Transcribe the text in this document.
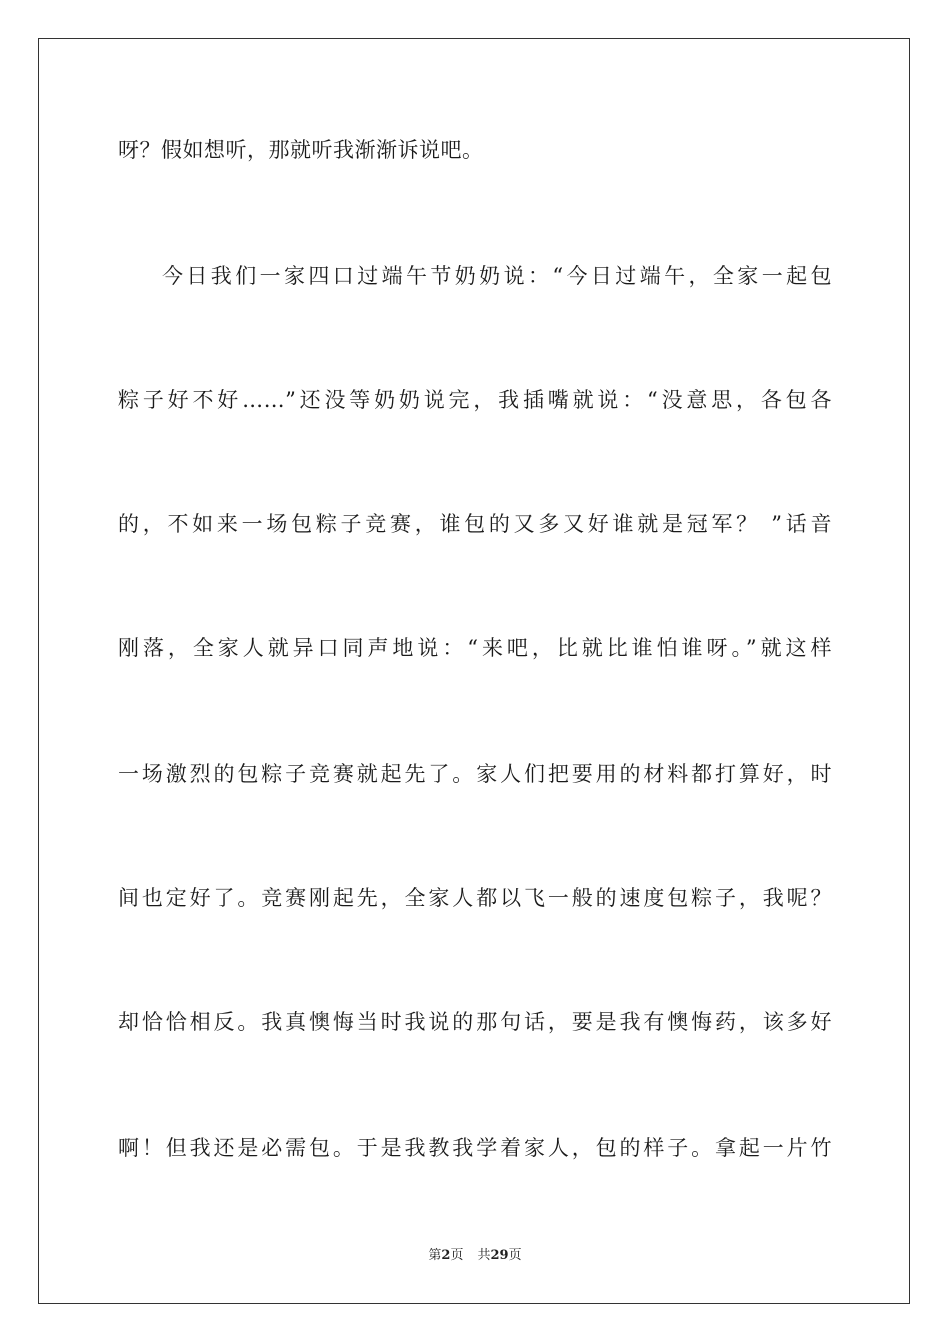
呀？假如想听，那就听我渐渐诉说吧。
今日我们一家四口过端午节奶奶说：“今日过端午，全家一起包
粽子好不好……”还没等奶奶说完，我插嘴就说：“没意思，各包各
的，不如来一场包粽子竞赛，谁包的又多又好谁就是冠军？ ”话音
刚落，全家人就异口同声地说：“来吧，比就比谁怕谁呀。”就这样
一场激烈的包粽子竞赛就起先了。家人们把要用的材料都打算好，时
间也定好了。竞赛刚起先，全家人都以飞一般的速度包粽子，我呢？
却恰恰相反。我真懊悔当时我说的那句话，要是我有懊悔药，该多好
啊！但我还是必需包。于是我教我学着家人，包的样子。拿起一片竹
第2页 共29页
